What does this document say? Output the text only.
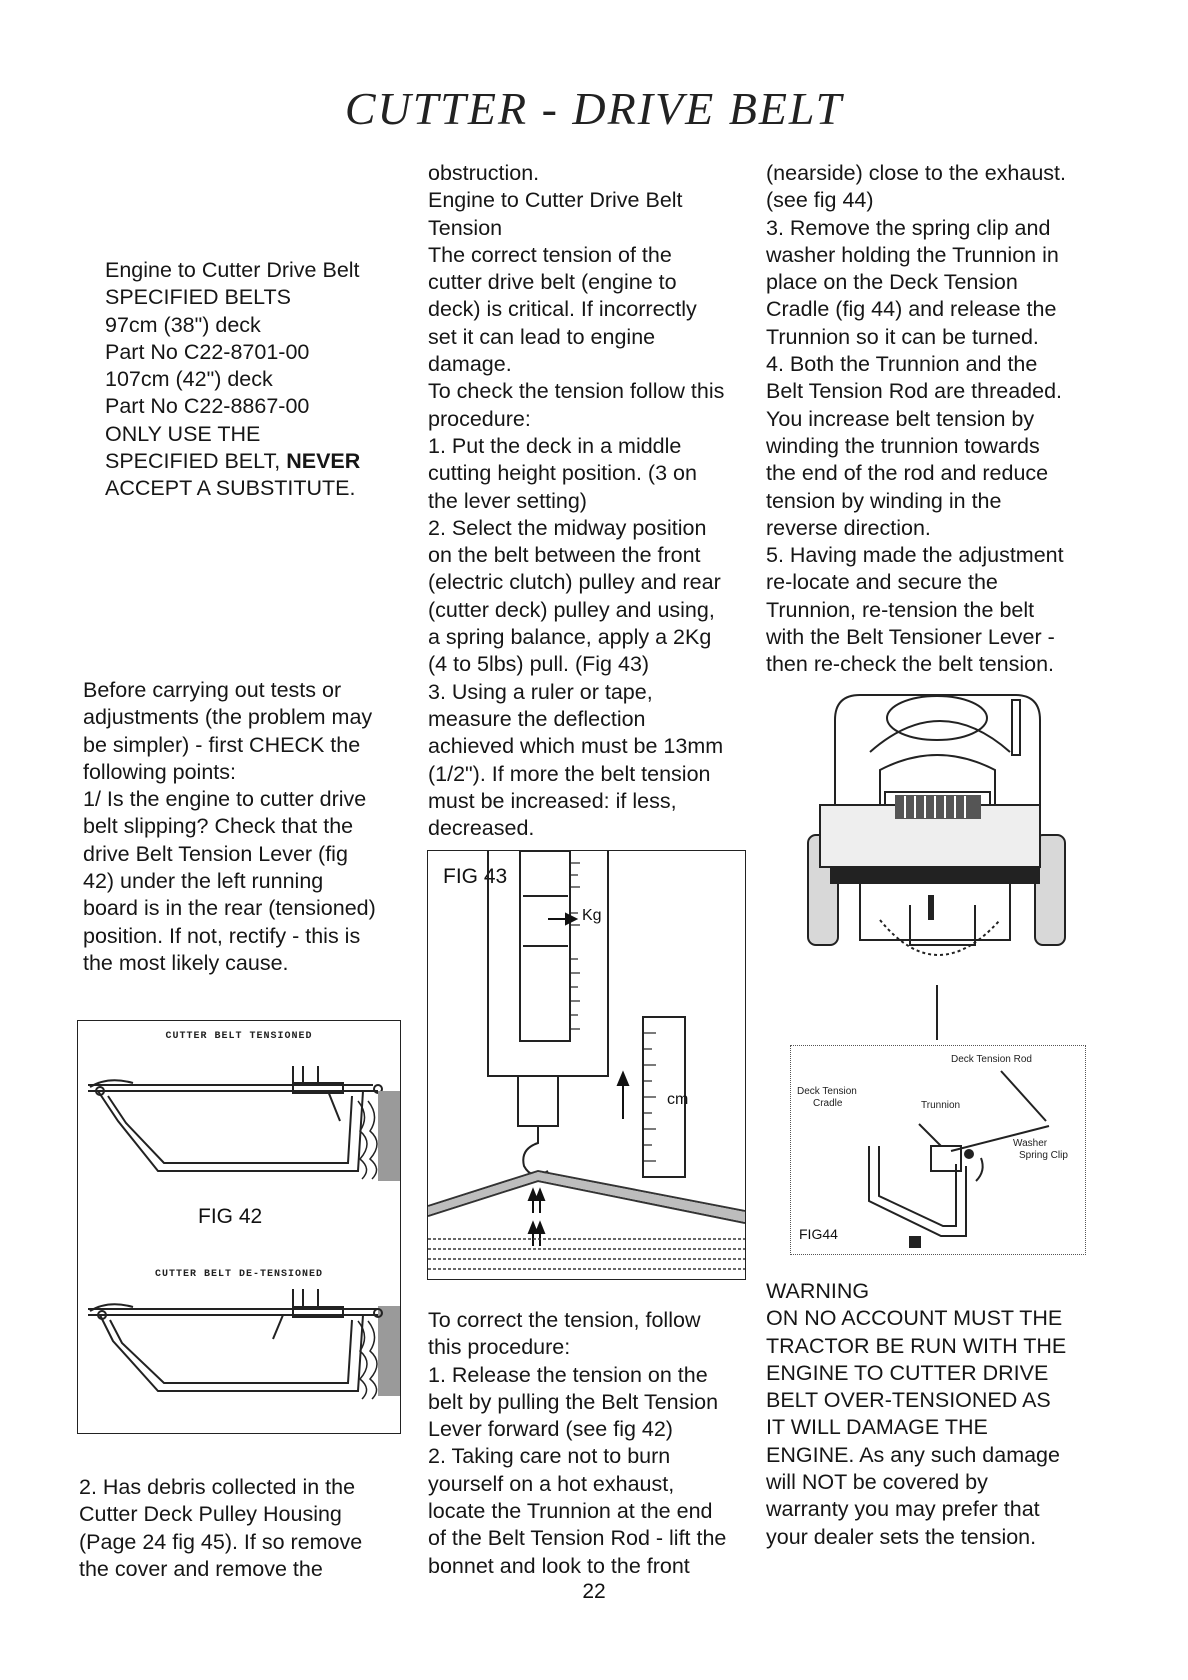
CUTTER - DRIVE BELT

Engine to Cutter Drive Belt

SPECIFIED BELTS

97cm (38") deck

Part No C22-8701-00

107cm (42") deck

Part No C22-8867-00

ONLY USE THE

SPECIFIED BELT, NEVER

ACCEPT A SUBSTITUTE.

Before carrying out tests or

adjustments (the problem may

be simpler) - first CHECK the

following points:

1/ Is the engine to cutter drive

belt slipping? Check that the

drive Belt Tension Lever (fig

42) under the left running

board is in the rear (tensioned)

position. If not, rectify - this is

the most likely cause.

CUTTER BELT TENSIONED
FIG 42
CUTTER BELT DE-TENSIONED

2. Has debris collected in the

Cutter Deck Pulley Housing

(Page 24 fig 45). If so remove

the cover and remove the

obstruction.

Engine to Cutter Drive Belt

Tension

The correct tension of the

cutter drive belt (engine to

deck) is critical. If incorrectly

set it can lead to engine

damage.

To check the tension follow this

procedure:

1. Put the deck in a middle

cutting height position. (3 on

the lever setting)

2. Select the midway position

on the belt between the front

(electric clutch) pulley and rear

(cutter deck) pulley and using,

a spring balance, apply a 2Kg

(4 to 5lbs) pull. (Fig 43)

3. Using a ruler or tape,

measure the deflection

achieved which must be 13mm

(1/2"). If more the belt tension

must be increased: if less,

decreased.

FIG 43
Kg
cm

To correct the tension, follow

this procedure:

1. Release the tension on the

belt by pulling the Belt Tension

Lever forward (see fig 42)

2. Taking care not to burn

yourself on a hot exhaust,

locate the Trunnion at the end

of the Belt Tension Rod - lift the

bonnet and look to the front

(nearside) close to the exhaust.

(see fig 44)

3. Remove the spring clip and

washer holding the Trunnion in

place on the Deck Tension

Cradle (fig 44) and release the

Trunnion so it can be turned.

4. Both the Trunnion and the

Belt Tension Rod are threaded.

You increase belt tension by

winding the trunnion towards

the end of the rod and reduce

tension by winding in the

reverse direction.

5. Having made the adjustment

re-locate and secure the

Trunnion, re-tension the belt

with the Belt Tensioner Lever -

then re-check the belt tension.

Deck Tension Rod
Deck Tension
Cradle	Trunnion
Washer
Spring Clip
FIG44

WARNING

ON NO ACCOUNT MUST THE

TRACTOR BE RUN WITH THE

ENGINE TO CUTTER DRIVE

BELT OVER-TENSIONED AS

IT WILL DAMAGE THE

ENGINE. As any such damage

will NOT be covered by

warranty you may prefer that

your dealer sets the tension.

22
